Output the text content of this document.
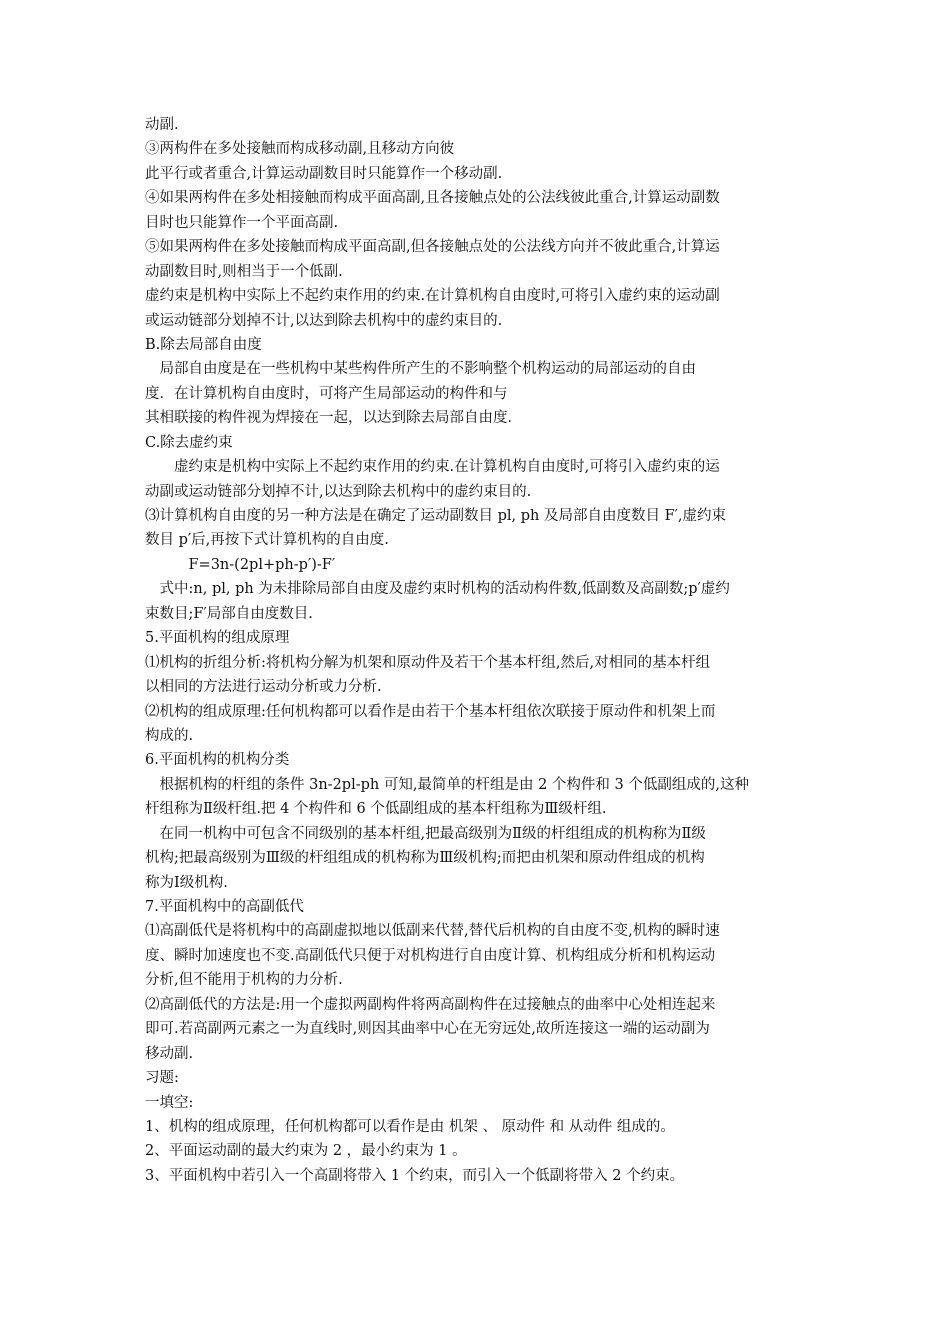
动副.
③两构件在多处接触而构成移动副,且移动方向彼
此平行或者重合,计算运动副数目时只能算作一个移动副.
④如果两构件在多处相接触而构成平面高副,且各接触点处的公法线彼此重合,计算运动副数
目时也只能算作一个平面高副.
⑤如果两构件在多处接触而构成平面高副,但各接触点处的公法线方向并不彼此重合,计算运
动副数目时,则相当于一个低副.
虚约束是机构中实际上不起约束作用的约束.在计算机构自由度时,可将引入虚约束的运动副
或运动链部分划掉不计,以达到除去机构中的虚约束目的.
B.除去局部自由度
　局部自由度是在一些机构中某些构件所产生的不影响整个机构运动的局部运动的自由
度．在计算机构自由度时，可将产生局部运动的构件和与
其相联接的构件视为焊接在一起，以达到除去局部自由度．
C.除去虚约束
　　虚约束是机构中实际上不起约束作用的约束.在计算机构自由度时,可将引入虚约束的运
动副或运动链部分划掉不计,以达到除去机构中的虚约束目的.
⑶计算机构自由度的另一种方法是在确定了运动副数目 pl, ph 及局部自由度数目 F′,虚约束
数目 p′后,再按下式计算机构的自由度.
　　　F=3n-(2pl+ph-p′)-F′
　式中:n, pl, ph 为未排除局部自由度及虚约束时机构的活动构件数,低副数及高副数;p′虚约
束数目;F′局部自由度数目.
5.平面机构的组成原理
⑴机构的折组分析:将机构分解为机架和原动件及若干个基本杆组,然后,对相同的基本杆组
以相同的方法进行运动分析或力分析.
⑵机构的组成原理:任何机构都可以看作是由若干个基本杆组依次联接于原动件和机架上而
构成的.
6.平面机构的机构分类
　根据机构的杆组的条件 3n-2pl-ph 可知,最简单的杆组是由 2 个构件和 3 个低副组成的,这种
杆组称为Ⅱ级杆组.把 4 个构件和 6 个低副组成的基本杆组称为Ⅲ级杆组.
　在同一机构中可包含不同级别的基本杆组,把最高级别为Ⅱ级的杆组组成的机构称为Ⅱ级
机构;把最高级别为Ⅲ级的杆组组成的机构称为Ⅲ级机构;而把由机架和原动件组成的机构
称为Ⅰ级机构.
7.平面机构中的高副低代
⑴高副低代是将机构中的高副虚拟地以低副来代替,替代后机构的自由度不变,机构的瞬时速
度、瞬时加速度也不变.高副低代只便于对机构进行自由度计算、机构组成分析和机构运动
分析,但不能用于机构的力分析.
⑵高副低代的方法是:用一个虚拟两副构件将两高副构件在过接触点的曲率中心处相连起来
即可.若高副两元素之一为直线时,则因其曲率中心在无穷远处,故所连接这一端的运动副为
移动副.
习题:
一填空:
1、机构的组成原理，任何机构都可以看作是由 机架 、 原动件 和 从动件 组成的。
2、平面运动副的最大约束为 2 ，最小约束为 1 。
3、平面机构中若引入一个高副将带入 1 个约束，而引入一个低副将带入 2 个约束。
